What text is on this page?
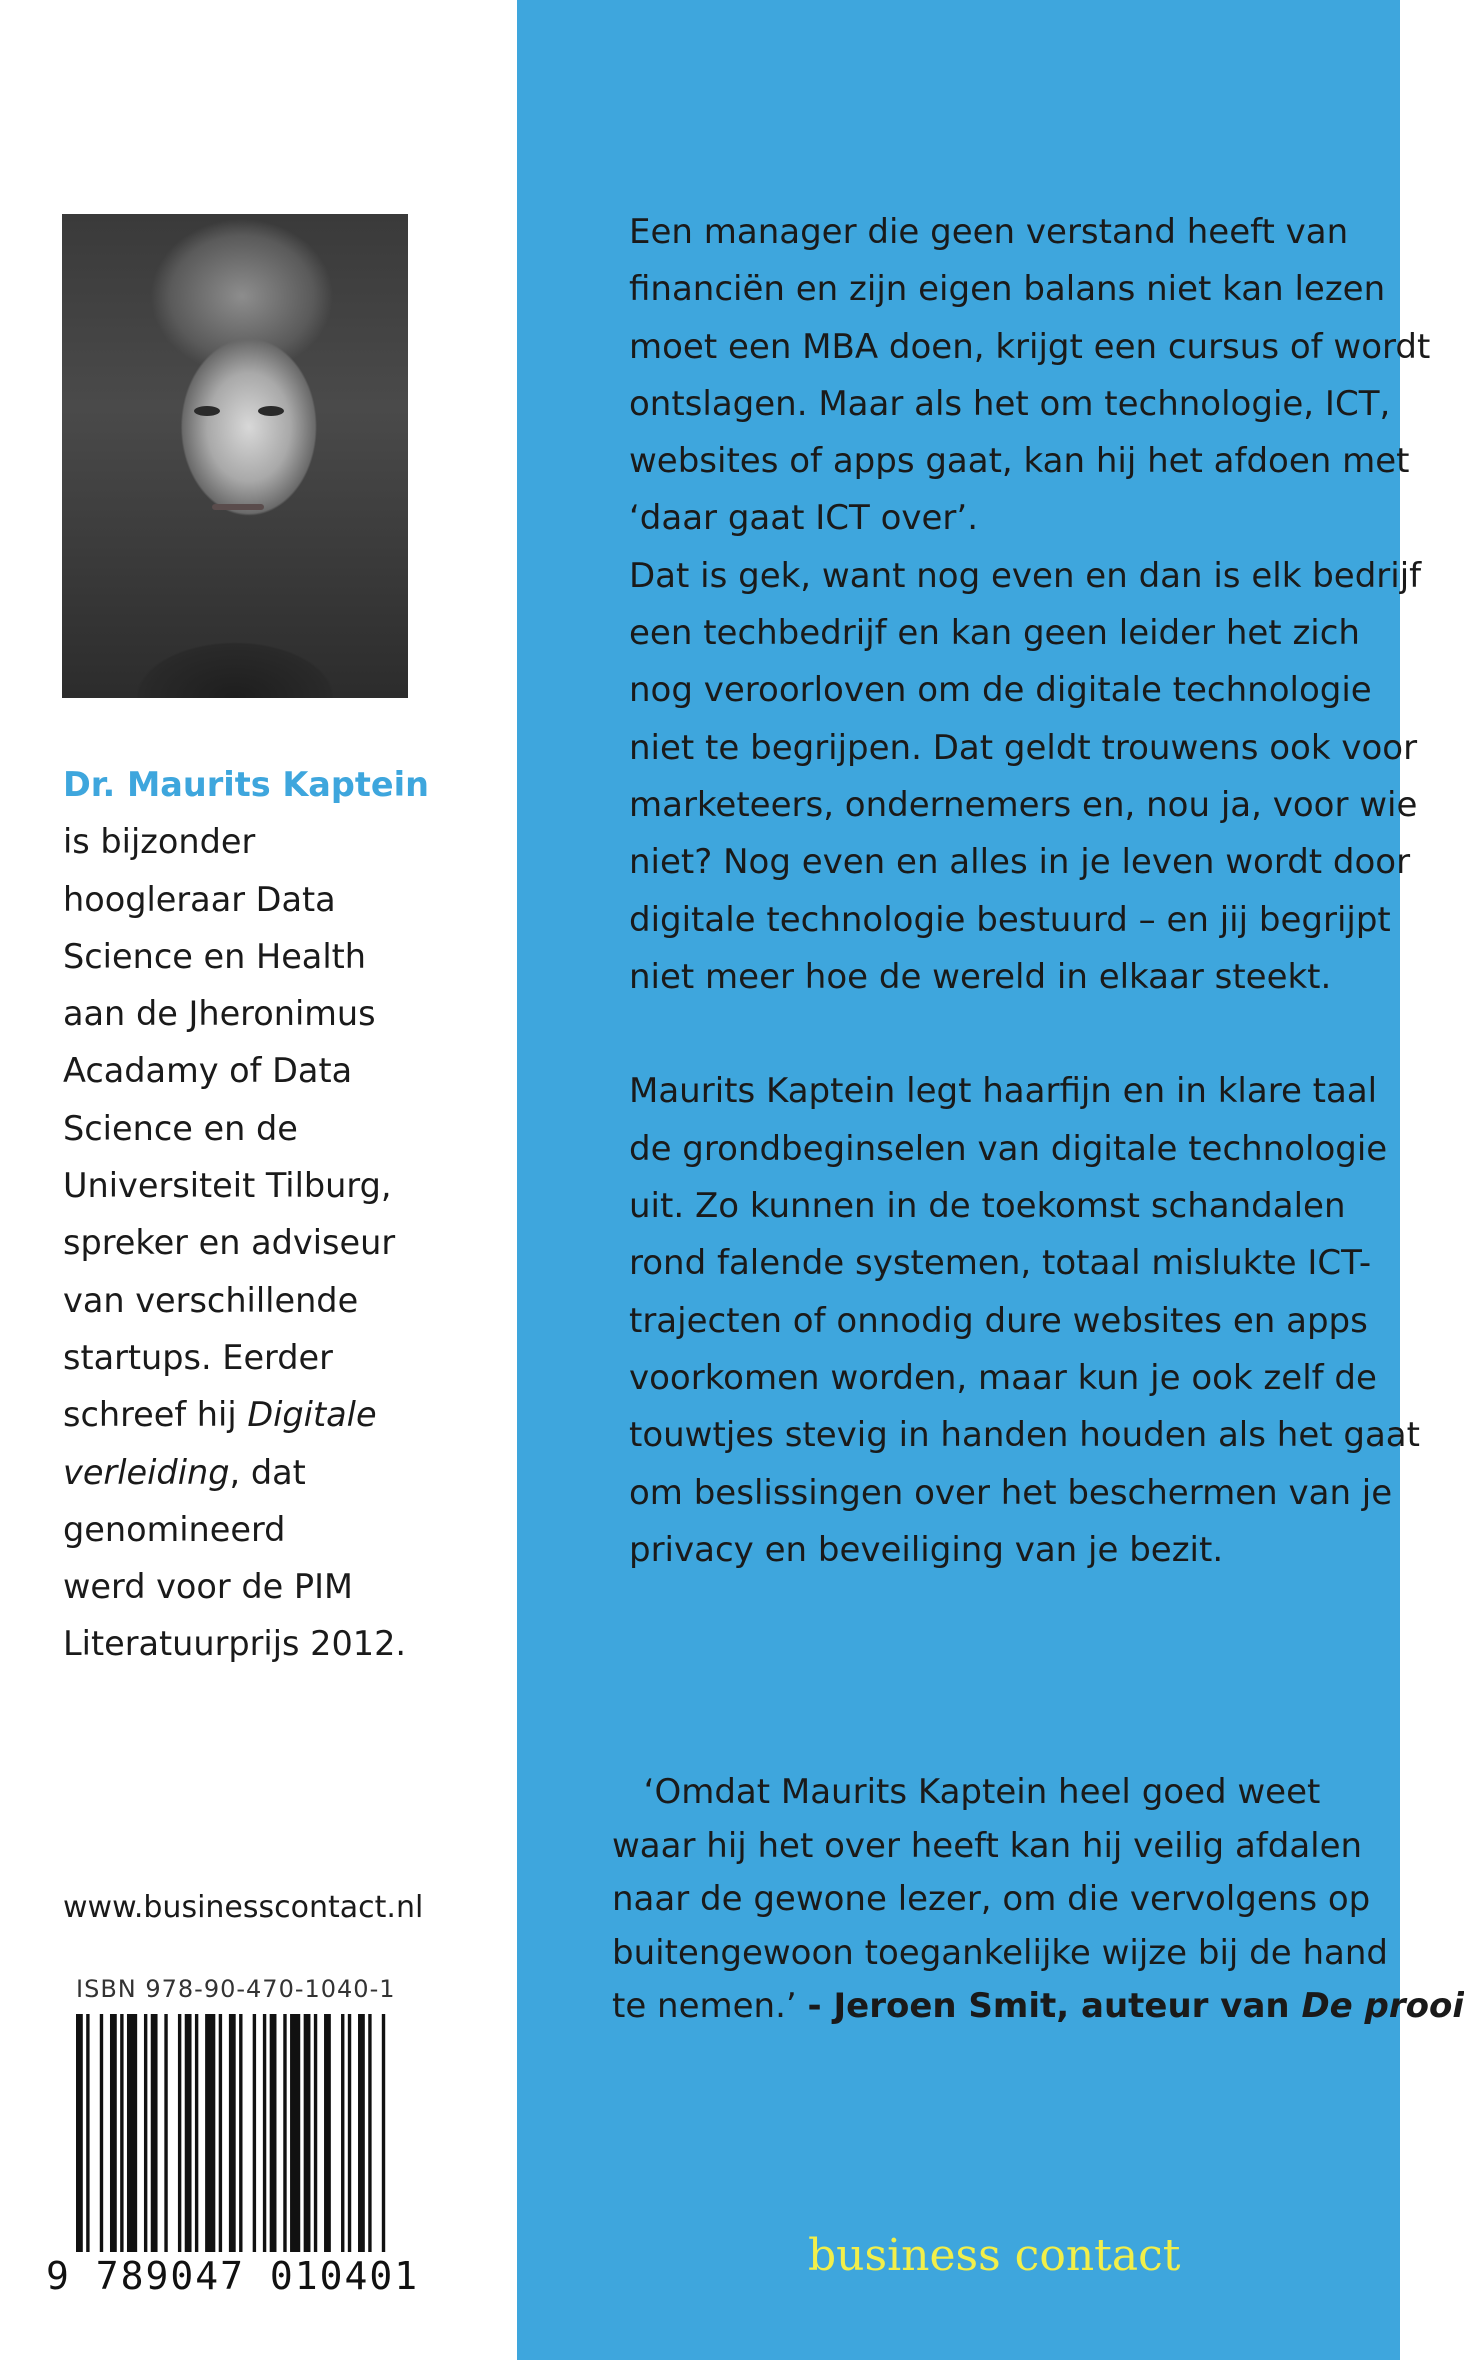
Dr. Maurits Kaptein
is bijzonder
hoogleraar Data
Science en Health
aan de Jheronimus
Acadamy of Data
Science en de
Universiteit Tilburg,
spreker en adviseur
van verschillende
startups. Eerder
schreef hij Digitale
verleiding, dat
genomineerd
werd voor de PIM
Literatuurprijs 2012.
www.businesscontact.nl
ISBN 978-90-470-1040-1
9 789047 010401
Een manager die geen verstand heeft van
financiën en zijn eigen balans niet kan lezen
moet een MBA doen, krijgt een cursus of wordt
ontslagen. Maar als het om technologie, ICT,
websites of apps gaat, kan hij het afdoen met
‘daar gaat ICT over’.
Dat is gek, want nog even en dan is elk bedrijf
een techbedrijf en kan geen leider het zich
nog veroorloven om de digitale technologie
niet te begrijpen. Dat geldt trouwens ook voor
marketeers, ondernemers en, nou ja, voor wie
niet? Nog even en alles in je leven wordt door
digitale technologie bestuurd – en jij begrijpt
niet meer hoe de wereld in elkaar steekt.
Maurits Kaptein legt haarfijn en in klare taal
de grondbeginselen van digitale technologie
uit. Zo kunnen in de toekomst schandalen
rond falende systemen, totaal mislukte ICT-
trajecten of onnodig dure websites en apps
voorkomen worden, maar kun je ook zelf de
touwtjes stevig in handen houden als het gaat
om beslissingen over het beschermen van je
privacy en beveiliging van je bezit.
‘Omdat Maurits Kaptein heel goed weet
waar hij het over heeft kan hij veilig afdalen
naar de gewone lezer, om die vervolgens op
buitengewoon toegankelijke wijze bij de hand
te nemen.’ - Jeroen Smit, auteur van De prooi
business contact
